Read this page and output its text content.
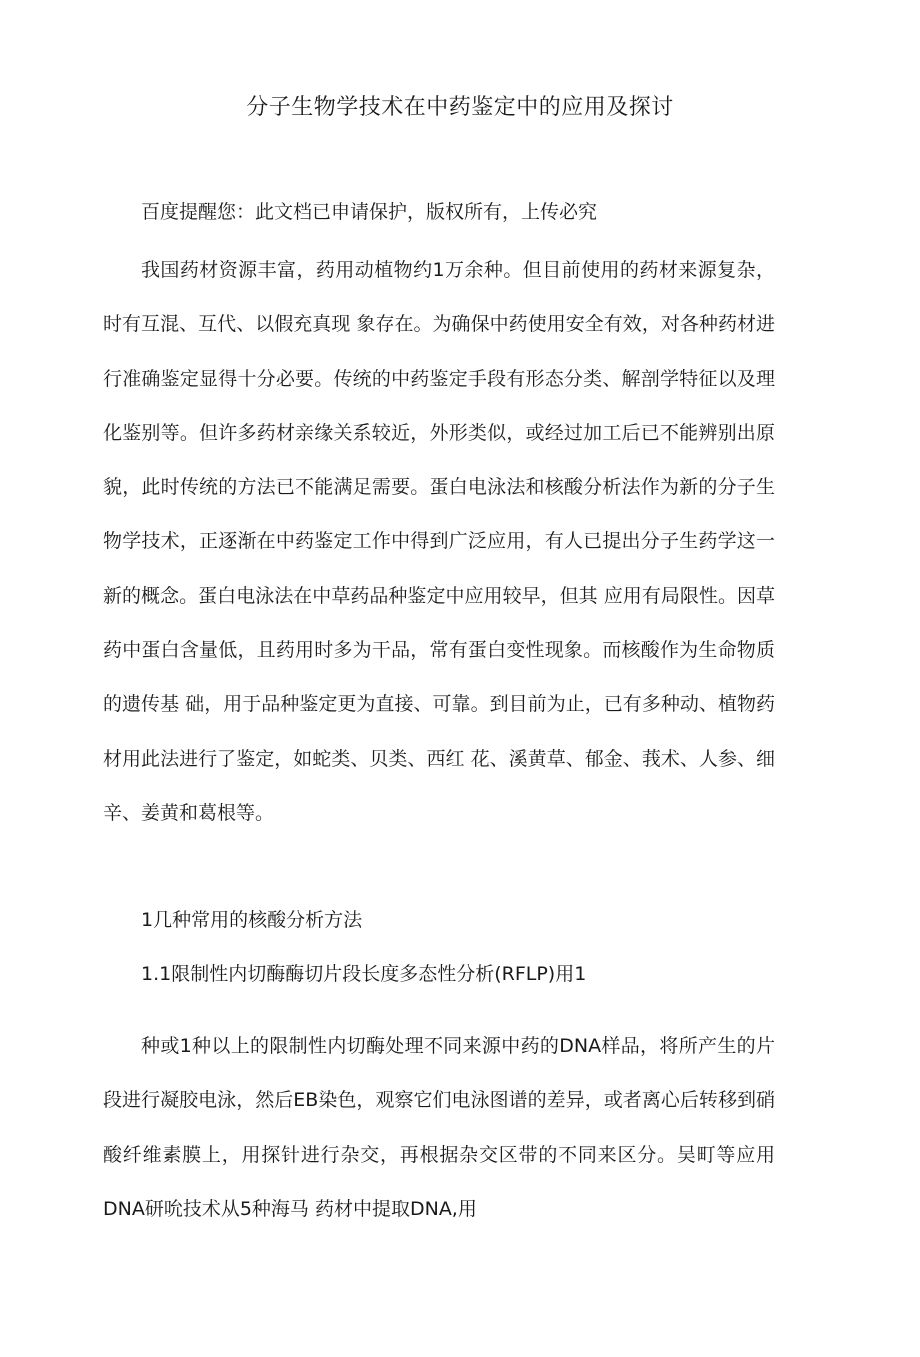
分子生物学技术在中药鉴定中的应用及探讨

百度提醒您：此文档已申请保护，版权所有，上传必究

我国药材资源丰富，药用动植物约1万余种。但目前使用的药材来源复杂，时有互混、互代、以假充真现 象存在。为确保中药使用安全有效，对各种药材进行准确鉴定显得十分必要。传统的中药鉴定手段有形态分类、解剖学特征以及理化鉴别等。但许多药材亲缘关系较近，外形类似，或经过加工后已不能辨别出原貌，此时传统的方法已不能满足需要。蛋白电泳法和核酸分析法作为新的分子生物学技术，正逐渐在中药鉴定工作中得到广泛应用，有人已提出分子生药学这一新的概念。蛋白电泳法在中草药品种鉴定中应用较早，但其 应用有局限性。因草药中蛋白含量低，且药用时多为干品，常有蛋白变性现象。而核酸作为生命物质的遗传基 础，用于品种鉴定更为直接、可靠。到目前为止，已有多种动、植物药材用此法进行了鉴定，如蛇类、贝类、西红 花、溪黄草、郁金、莪术、人参、细辛、姜黄和葛根等。

1几种常用的核酸分析方法

1.1限制性内切酶酶切片段长度多态性分析(RFLP)用1

种或1种以上的限制性内切酶处理不同来源中药的DNA样品，将所产生的片段进行凝胶电泳，然后EB染色，观察它们电泳图谱的差异，或者离心后转移到硝酸纤维素膜上，用探针进行杂交，再根据杂交区带的不同来区分。吴町等应用DNA研吮技术从5种海马 药材中提取DNA,用
